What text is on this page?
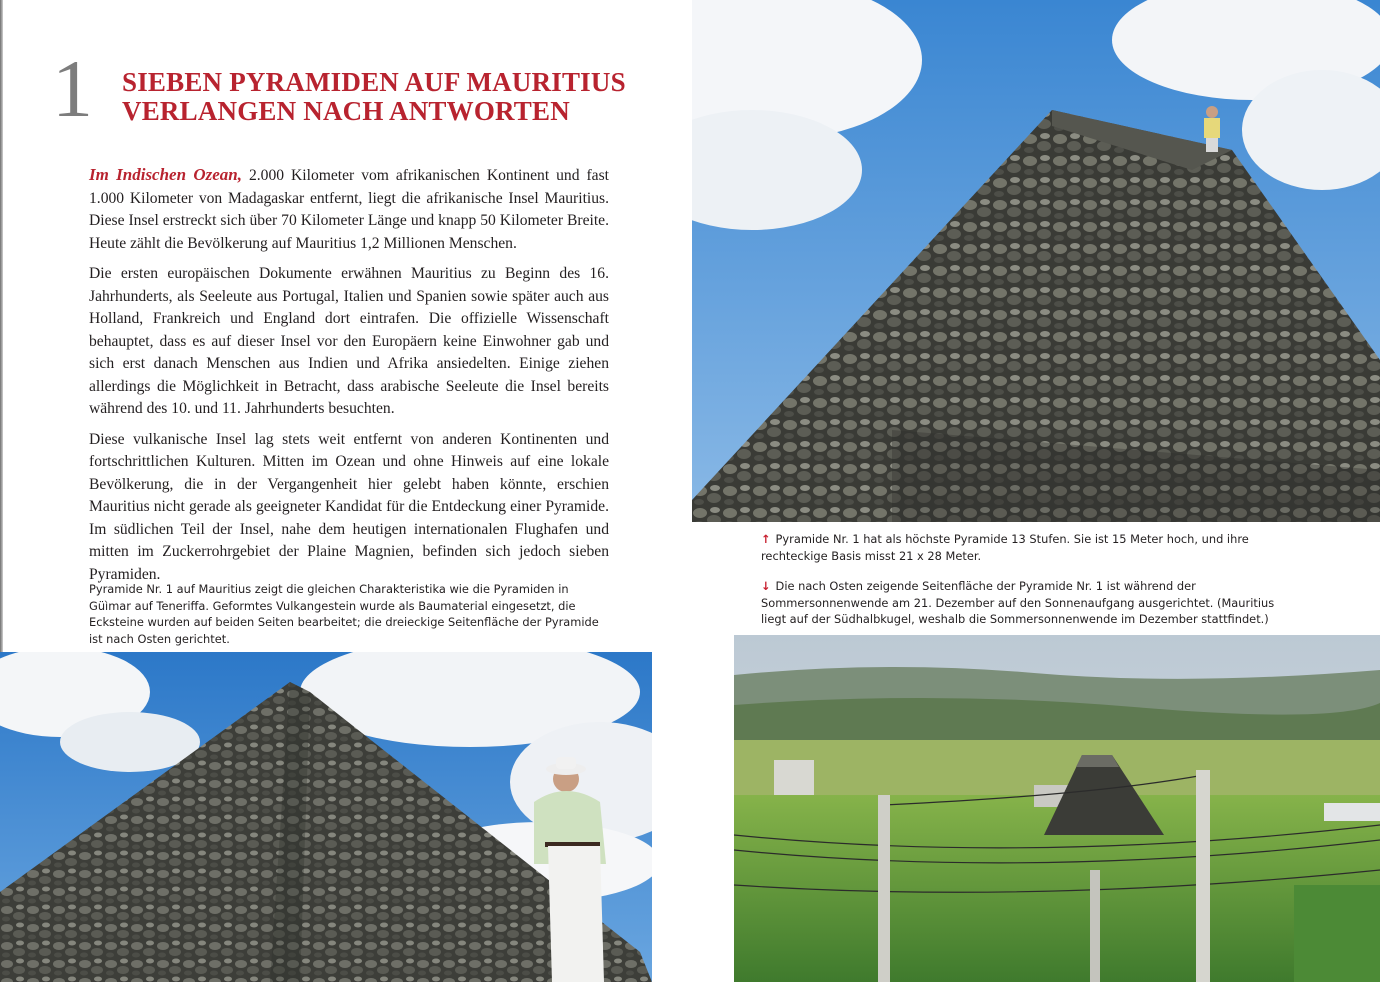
1 SIEBEN PYRAMIDEN AUF MAURITIUS
VERLANGEN NACH ANTWORTEN

Im Indischen Ozean, 2.000 Kilometer vom afrikanischen Kontinent und fast 1.000 Kilometer von Madagaskar entfernt, liegt die afrikanische Insel Mauritius. Diese Insel erstreckt sich über 70 Kilometer Länge und knapp 50 Kilometer Breite. Heute zählt die Bevölkerung auf Mauritius 1,2 Millionen Menschen.

Die ersten europäischen Dokumente erwähnen Mauritius zu Beginn des 16. Jahrhunderts, als Seeleute aus Portugal, Italien und Spanien sowie später auch aus Holland, Frankreich und England dort eintrafen. Die offizielle Wissenschaft behauptet, dass es auf dieser Insel vor den Europäern keine Einwohner gab und sich erst danach Menschen aus Indien und Afrika ansiedelten. Einige ziehen allerdings die Möglichkeit in Betracht, dass arabische Seeleute die Insel bereits während des 10. und 11. Jahrhunderts besuchten.

Diese vulkanische Insel lag stets weit entfernt von anderen Kontinenten und fortschrittlichen Kulturen. Mitten im Ozean und ohne Hinweis auf eine lokale Bevölkerung, die in der Vergangenheit hier gelebt haben könnte, erschien Mauritius nicht gerade als geeigneter Kandidat für die Entdeckung einer Pyramide. Im südlichen Teil der Insel, nahe dem heutigen internationalen Flughafen und mitten im Zuckerrohrgebiet der Plaine Magnien, befinden sich jedoch sieben Pyramiden.

Pyramide Nr. 1 auf Mauritius zeigt die gleichen Charakteristika wie die Pyramiden in Güìmar auf Teneriffa. Geformtes Vulkangestein wurde als Baumaterial eingesetzt, die Ecksteine wurden auf beiden Seiten bearbeitet; die dreieckige Seitenfläche der Pyramide ist nach Osten gerichtet.
↑ Pyramide Nr. 1 hat als höchste Pyramide 13 Stufen. Sie ist 15 Meter hoch, und ihre rechteckige Basis misst 21 x 28 Meter.
↓ Die nach Osten zeigende Seitenfläche der Pyramide Nr. 1 ist während der Sommersonnenwende am 21. Dezember auf den Sonnenaufgang ausgerichtet. (Mauritius liegt auf der Südhalbkugel, weshalb die Sommersonnenwende im Dezember stattfindet.)
